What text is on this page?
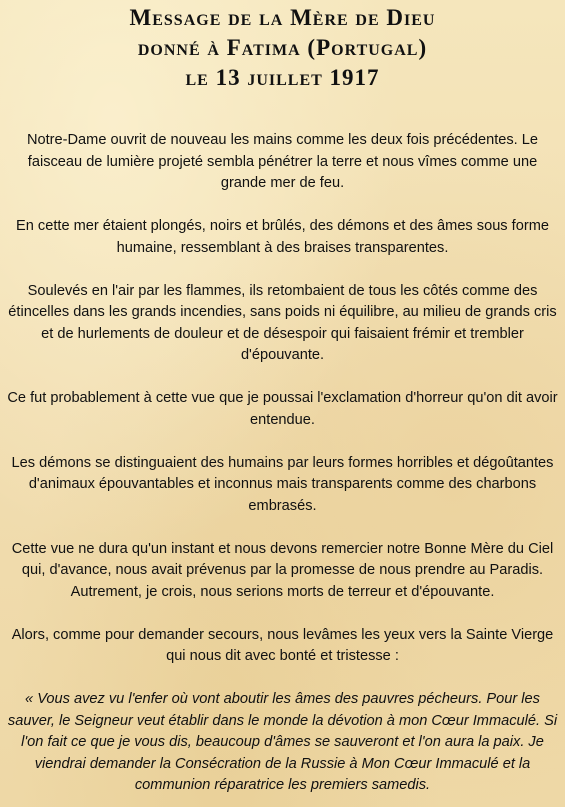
Message de la Mère de Dieu
donné à Fatima (Portugal)
le 13 juillet 1917

Notre-Dame ouvrit de nouveau les mains comme les deux fois précédentes. Le faisceau de lumière projeté sembla pénétrer la terre et nous vîmes comme une grande mer de feu.

En cette mer étaient plongés, noirs et brûlés, des démons et des âmes sous forme humaine, ressemblant à des braises transparentes.

Soulevés en l'air par les flammes, ils retombaient de tous les côtés comme des étincelles dans les grands incendies, sans poids ni équilibre, au milieu de grands cris et de hurlements de douleur et de désespoir qui faisaient frémir et trembler d'épouvante.

Ce fut probablement à cette vue que je poussai l'exclamation d'horreur qu'on dit avoir entendue.

Les démons se distinguaient des humains par leurs formes horribles et dégoûtantes d'animaux épouvantables et inconnus mais transparents comme des charbons embrasés.

Cette vue ne dura qu'un instant et nous devons remercier notre Bonne Mère du Ciel qui, d'avance, nous avait prévenus par la promesse de nous prendre au Paradis. Autrement, je crois, nous serions morts de terreur et d'épouvante.

Alors, comme pour demander secours, nous levâmes les yeux vers la Sainte Vierge qui nous dit avec bonté et tristesse :

« Vous avez vu l'enfer où vont aboutir les âmes des pauvres pécheurs. Pour les sauver, le Seigneur veut établir dans le monde la dévotion à mon Cœur Immaculé. Si l'on fait ce que je vous dis, beaucoup d'âmes se sauveront et l'on aura la paix. Je viendrai demander la Consécration de la Russie à Mon Cœur Immaculé et la communion réparatrice les premiers samedis.
